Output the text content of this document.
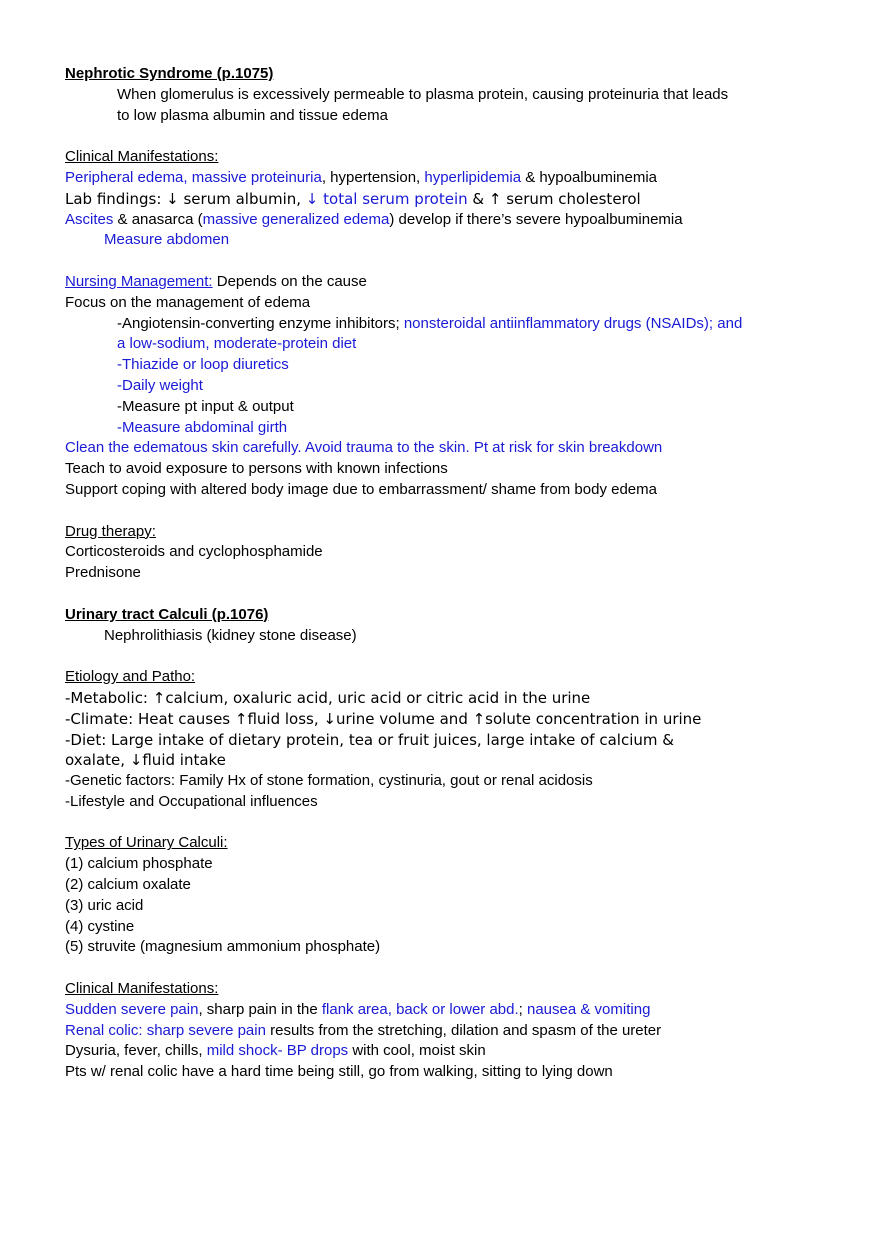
Nephrotic Syndrome (p.1075)
When glomerulus is excessively permeable to plasma protein, causing proteinuria that leads
to low plasma albumin and tissue edema
Clinical Manifestations:
Peripheral edema, massive proteinuria, hypertension, hyperlipidemia & hypoalbuminemia
Lab findings: ↓ serum albumin, ↓ total serum protein & ↑ serum cholesterol
Ascites & anasarca (massive generalized edema) develop if there’s severe hypoalbuminemia
Measure abdomen
Nursing Management: Depends on the cause
Focus on the management of edema
-Angiotensin-converting enzyme inhibitors; nonsteroidal antiinflammatory drugs (NSAIDs); and
a low-sodium, moderate-protein diet
-Thiazide or loop diuretics
-Daily weight
-Measure pt input & output
-Measure abdominal girth
Clean the edematous skin carefully. Avoid trauma to the skin. Pt at risk for skin breakdown
Teach to avoid exposure to persons with known infections
Support coping with altered body image due to embarrassment/ shame from body edema
Drug therapy:
Corticosteroids and cyclophosphamide
Prednisone
Urinary tract Calculi (p.1076)
Nephrolithiasis (kidney stone disease)
Etiology and Patho:
-Metabolic: ↑calcium, oxaluric acid, uric acid or citric acid in the urine
-Climate: Heat causes ↑fluid loss, ↓urine volume and ↑solute concentration in urine
-Diet: Large intake of dietary protein, tea or fruit juices, large intake of calcium &
oxalate, ↓fluid intake
-Genetic factors: Family Hx of stone formation, cystinuria, gout or renal acidosis
-Lifestyle and Occupational influences
Types of Urinary Calculi:
(1) calcium phosphate
(2) calcium oxalate
(3) uric acid
(4) cystine
(5) struvite (magnesium ammonium phosphate)
Clinical Manifestations:
Sudden severe pain, sharp pain in the flank area, back or lower abd.; nausea & vomiting
Renal colic: sharp severe pain results from the stretching, dilation and spasm of the ureter
Dysuria, fever, chills, mild shock- BP drops with cool, moist skin
Pts w/ renal colic have a hard time being still, go from walking, sitting to lying down
